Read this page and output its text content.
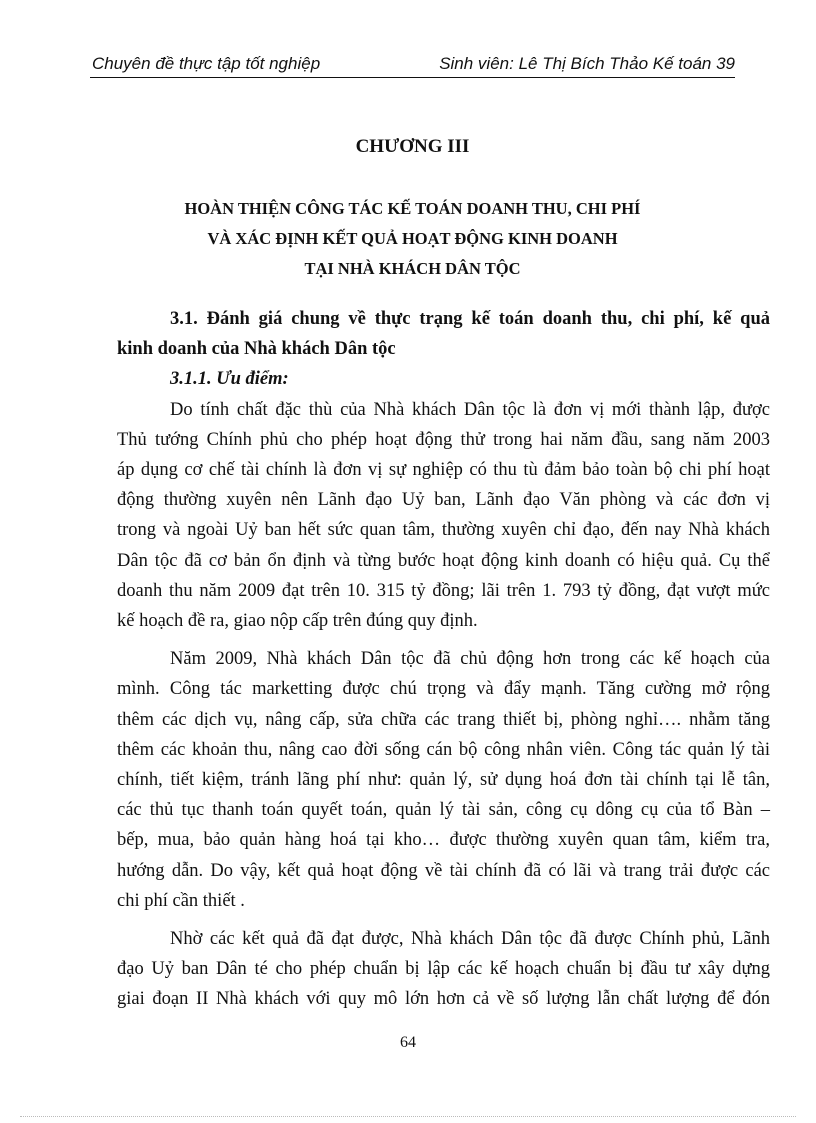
Chuyên đề thực tập tốt nghiệp	Sinh viên: Lê Thị Bích Thảo Kế toán 39
CHƯƠNG III
HOÀN THIỆN CÔNG TÁC KẾ TOÁN DOANH THU, CHI PHÍ
VÀ XÁC ĐỊNH KẾT QUẢ HOẠT ĐỘNG KINH DOANH
TẠI NHÀ KHÁCH DÂN TỘC

3.1. Đánh giá chung về thực trạng kế toán doanh thu, chi phí, kế quả
kinh doanh của Nhà khách Dân tộc

3.1.1. Ưu điểm:

Do tính chất đặc thù của Nhà khách Dân tộc là đơn vị mới thành lập, được
Thủ tướng Chính phủ cho phép hoạt động thử trong hai năm đầu, sang năm 2003
áp dụng cơ chế tài chính là đơn vị sự nghiệp có thu tù đảm bảo toàn bộ chi phí hoạt
động thường xuyên nên Lãnh đạo Uỷ ban, Lãnh đạo Văn phòng và các đơn vị
trong và ngoài Uỷ ban hết sức quan tâm, thường xuyên chỉ đạo, đến nay Nhà khách
Dân tộc đã cơ bản ổn định và từng bước hoạt động kinh doanh có hiệu quả. Cụ thể
doanh thu năm 2009 đạt trên 10. 315 tỷ đồng; lãi trên 1. 793 tỷ đồng, đạt vượt mức
kế hoạch đề ra, giao nộp cấp trên đúng quy định.
Năm 2009, Nhà khách Dân tộc đã chủ động hơn trong các kế hoạch của
mình. Công tác marketting được chú trọng và đẩy mạnh. Tăng cường mở rộng
thêm các dịch vụ, nâng cấp, sửa chữa các trang thiết bị, phòng nghỉ…. nhằm tăng
thêm các khoản thu, nâng cao đời sống cán bộ công nhân viên. Công tác quản lý tài
chính, tiết kiệm, tránh lãng phí như: quản lý, sử dụng hoá đơn tài chính tại lễ tân,
các thủ tục thanh toán quyết toán, quản lý tài sản, công cụ dông cụ của tổ Bàn –
bếp, mua, bảo quản hàng hoá tại kho… được thường xuyên quan tâm, kiểm tra,
hướng dẫn. Do vậy, kết quả hoạt động về tài chính đã có lãi và trang trải được các
chi phí cần thiết .
Nhờ các kết quả đã đạt được, Nhà khách Dân tộc đã được Chính phủ, Lãnh
đạo Uỷ ban Dân té cho phép chuẩn bị lập các kế hoạch chuẩn bị đầu tư xây dựng
giai đoạn II Nhà khách với quy mô lớn hơn cả về số lượng lẫn chất lượng để đón
64
